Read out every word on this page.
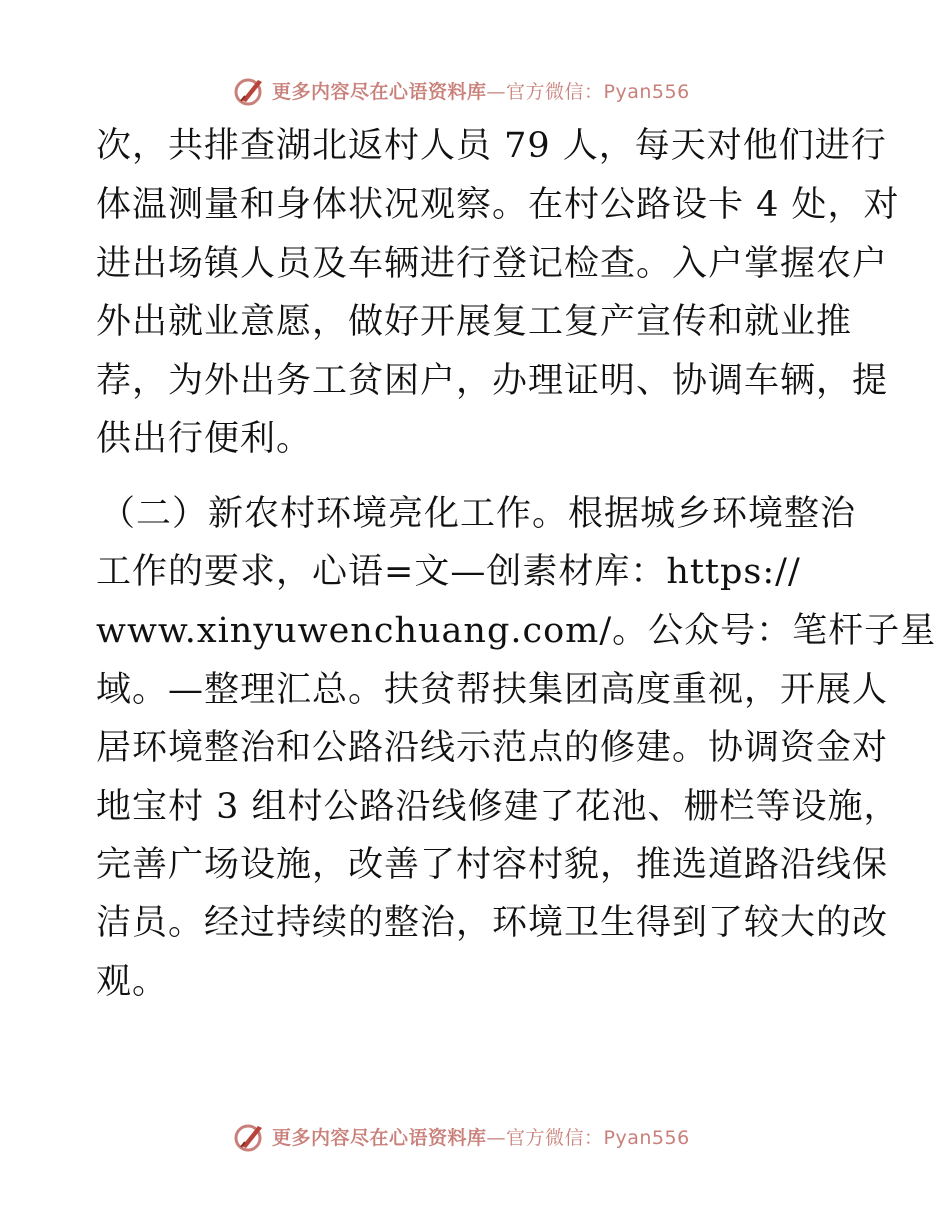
更多内容尽在心语资料库—官方微信：Pyan556
次，共排查湖北返村人员 79 人，每天对他们进行
体温测量和身体状况观察。在村公路设卡 4 处，对
进出场镇人员及车辆进行登记检查。入户掌握农户
外出就业意愿，做好开展复工复产宣传和就业推
荐，为外出务工贫困户，办理证明、协调车辆，提
供出行便利。
（二）新农村环境亮化工作。根据城乡环境整治
工作的要求，心语=文—创素材库：https://
www.xinyuwenchuang.com/。公众号：笔杆子星
域。—整理汇总。扶贫帮扶集团高度重视，开展人
居环境整治和公路沿线示范点的修建。协调资金对
地宝村 3 组村公路沿线修建了花池、栅栏等设施，
完善广场设施，改善了村容村貌，推选道路沿线保
洁员。经过持续的整治，环境卫生得到了较大的改
观。
更多内容尽在心语资料库—官方微信：Pyan556
